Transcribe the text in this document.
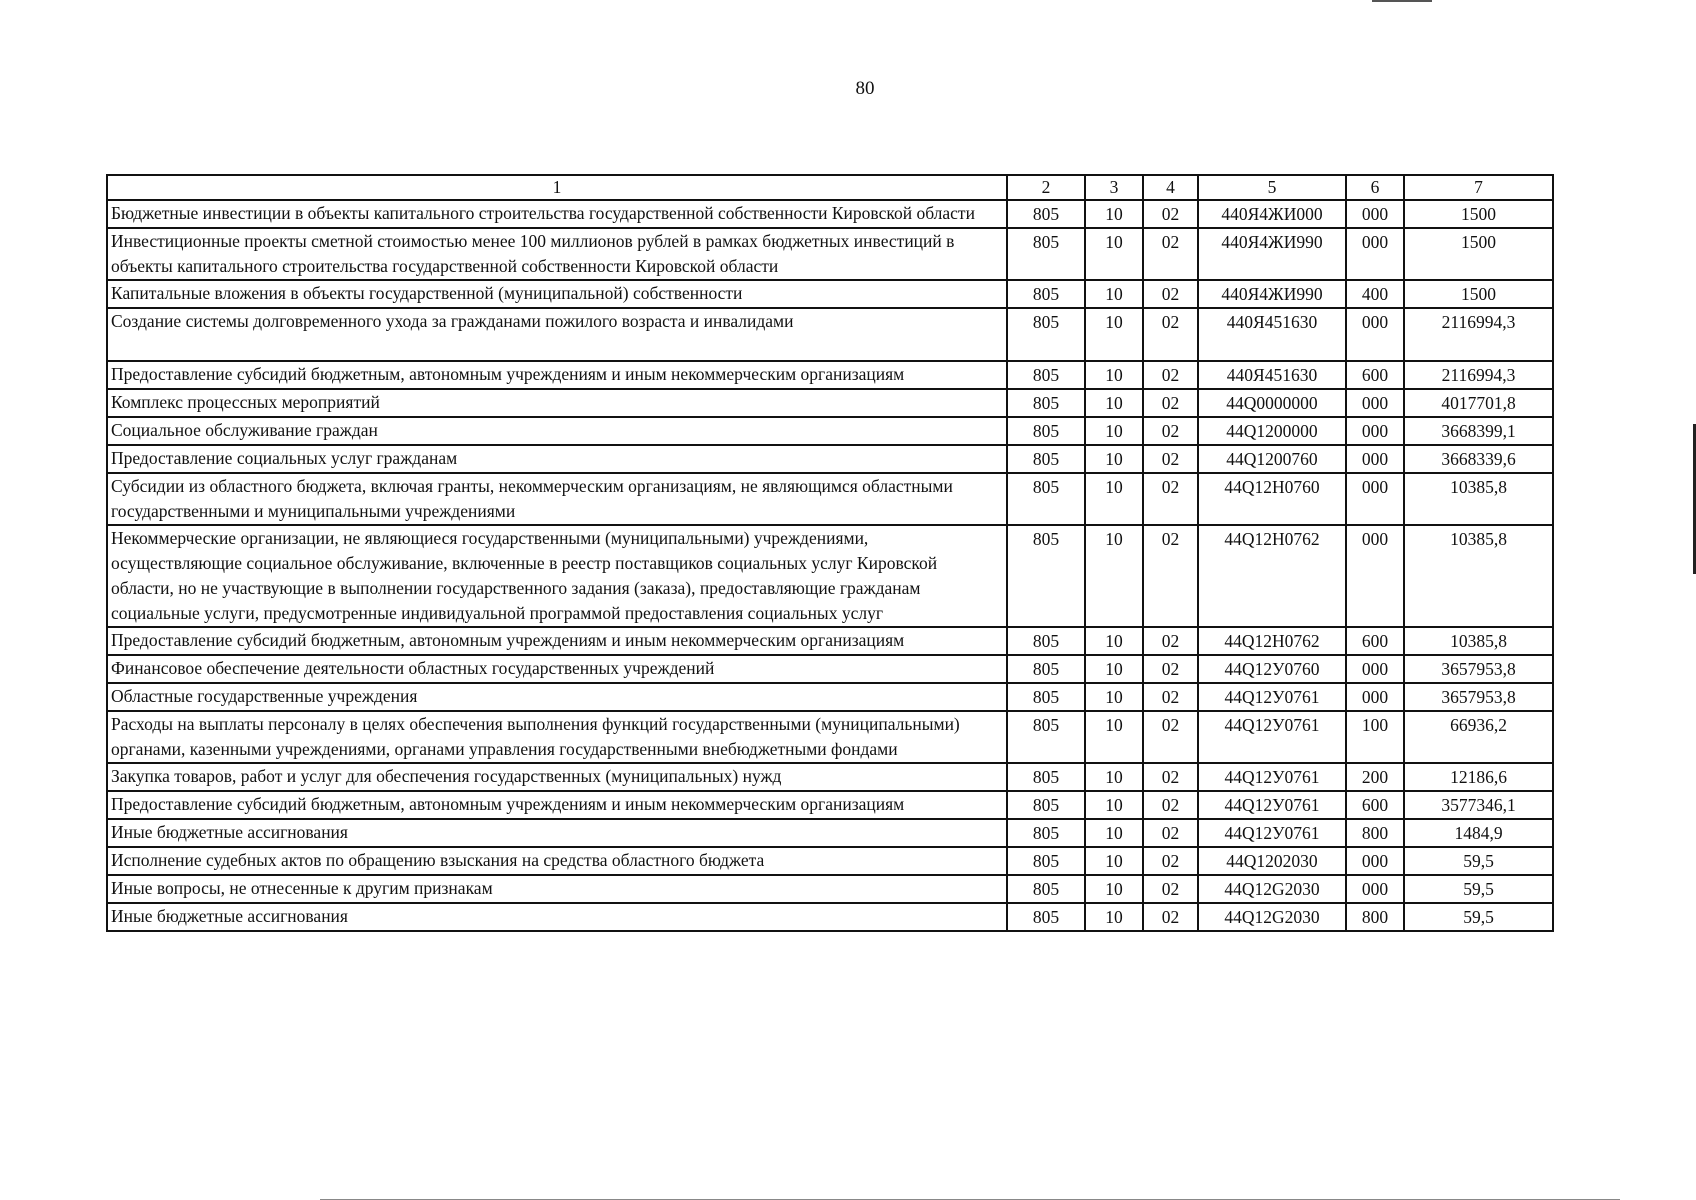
80
1	2	3	4	5	6	7
Бюджетные инвестиции в объекты капитального строительства государственной собственности Кировской области	805	10	02	440Я4ЖИ000	000	1500
Инвестиционные проекты сметной стоимостью менее 100 миллионов рублей в рамках бюджетных инвестиций в объекты капитального строительства государственной собственности Кировской области	805	10	02	440Я4ЖИ990	000	1500
Капитальные вложения в объекты государственной (муниципальной) собственности	805	10	02	440Я4ЖИ990	400	1500
Создание системы долговременного ухода за гражданами пожилого возраста и инвалидами	805	10	02	440Я451630	000	2116994,3
Предоставление субсидий бюджетным, автономным учреждениям и иным некоммерческим организациям	805	10	02	440Я451630	600	2116994,3
Комплекс процессных мероприятий	805	10	02	44Q0000000	000	4017701,8
Социальное обслуживание граждан	805	10	02	44Q1200000	000	3668399,1
Предоставление социальных услуг гражданам	805	10	02	44Q1200760	000	3668339,6
Субсидии из областного бюджета, включая гранты, некоммерческим организациям, не являющимся областными государственными и муниципальными учреждениями	805	10	02	44Q12H0760	000	10385,8
Некоммерческие организации, не являющиеся государственными (муниципальными) учреждениями, осуществляющие социальное обслуживание, включенные в реестр поставщиков социальных услуг Кировской области, но не участвующие в выполнении государственного задания (заказа), предоставляющие гражданам социальные услуги, предусмотренные индивидуальной программой предоставления социальных услуг	805	10	02	44Q12H0762	000	10385,8
Предоставление субсидий бюджетным, автономным учреждениям и иным некоммерческим организациям	805	10	02	44Q12H0762	600	10385,8
Финансовое обеспечение деятельности областных государственных учреждений	805	10	02	44Q12У0760	000	3657953,8
Областные государственные учреждения	805	10	02	44Q12У0761	000	3657953,8
Расходы на выплаты персоналу в целях обеспечения выполнения функций государственными (муниципальными) органами, казенными учреждениями, органами управления государственными внебюджетными фондами	805	10	02	44Q12У0761	100	66936,2
Закупка товаров, работ и услуг для обеспечения государственных (муниципальных) нужд	805	10	02	44Q12У0761	200	12186,6
Предоставление субсидий бюджетным, автономным учреждениям и иным некоммерческим организациям	805	10	02	44Q12У0761	600	3577346,1
Иные бюджетные ассигнования	805	10	02	44Q12У0761	800	1484,9
Исполнение судебных актов по обращению взыскания на средства областного бюджета	805	10	02	44Q1202030	000	59,5
Иные вопросы, не отнесенные к другим признакам	805	10	02	44Q12G2030	000	59,5
Иные бюджетные ассигнования	805	10	02	44Q12G2030	800	59,5
